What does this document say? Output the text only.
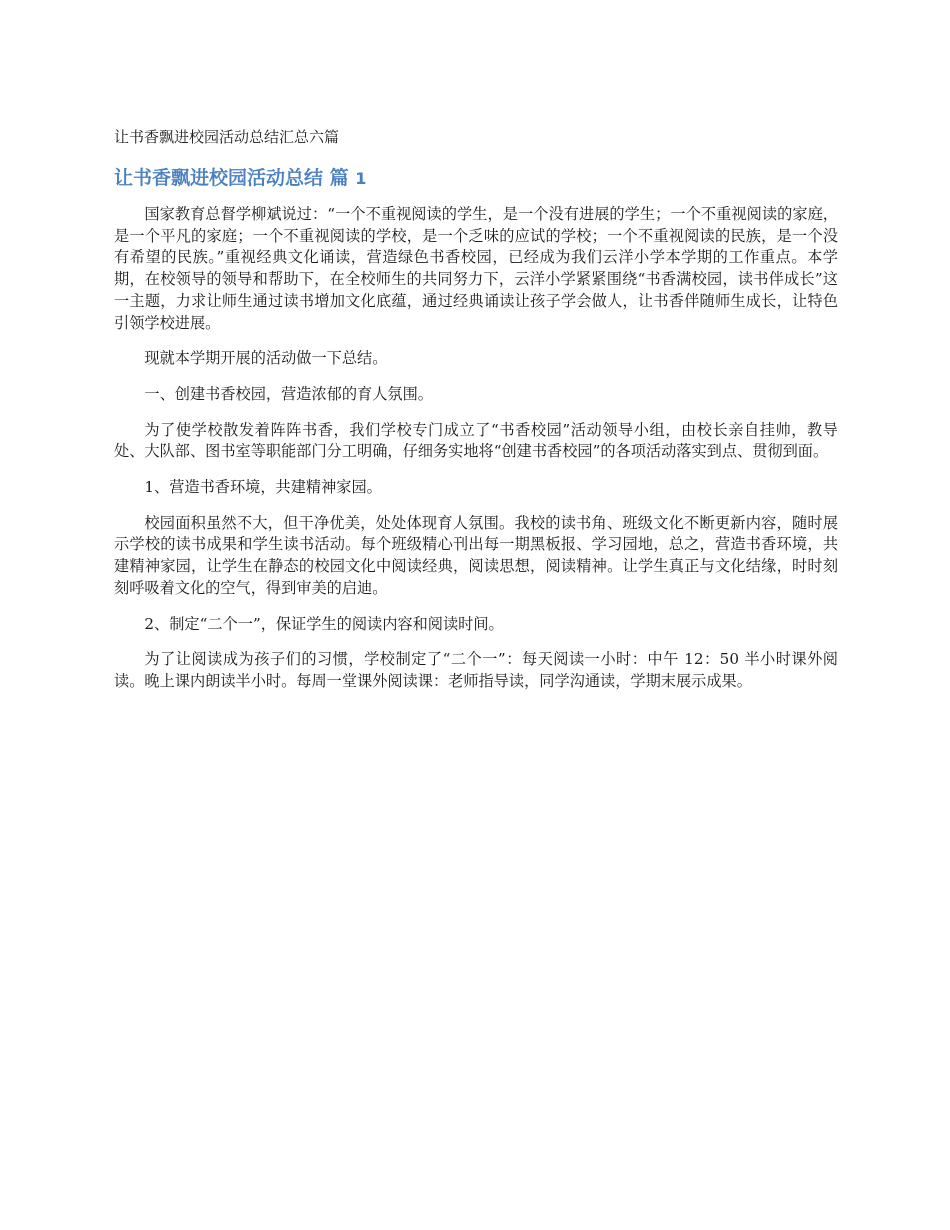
让书香飘进校园活动总结汇总六篇
让书香飘进校园活动总结 篇 1

国家教育总督学柳斌说过：“一个不重视阅读的学生，是一个没有进展的学生；一个不重视阅读的家庭，是一个平凡的家庭；一个不重视阅读的学校，是一个乏味的应试的学校；一个不重视阅读的民族，是一个没有希望的民族。”重视经典文化诵读，营造绿色书香校园，已经成为我们云洋小学本学期的工作重点。本学期，在校领导的领导和帮助下，在全校师生的共同努力下，云洋小学紧紧围绕“书香满校园，读书伴成长”这一主题，力求让师生通过读书增加文化底蕴，通过经典诵读让孩子学会做人，让书香伴随师生成长，让特色引领学校进展。

现就本学期开展的活动做一下总结。

一、创建书香校园，营造浓郁的育人氛围。

为了使学校散发着阵阵书香，我们学校专门成立了“书香校园”活动领导小组，由校长亲自挂帅，教导处、大队部、图书室等职能部门分工明确，仔细务实地将“创建书香校园”的各项活动落实到点、贯彻到面。

1、营造书香环境，共建精神家园。

校园面积虽然不大，但干净优美，处处体现育人氛围。我校的读书角、班级文化不断更新内容，随时展示学校的读书成果和学生读书活动。每个班级精心刊出每一期黑板报、学习园地，总之，营造书香环境，共建精神家园，让学生在静态的校园文化中阅读经典，阅读思想，阅读精神。让学生真正与文化结缘，时时刻刻呼吸着文化的空气，得到审美的启迪。

2、制定“二个一”，保证学生的阅读内容和阅读时间。

为了让阅读成为孩子们的习惯，学校制定了“二个一”：每天阅读一小时：中午 12：50 半小时课外阅读。晚上课内朗读半小时。每周一堂课外阅读课：老师指导读，同学沟通读，学期末展示成果。
